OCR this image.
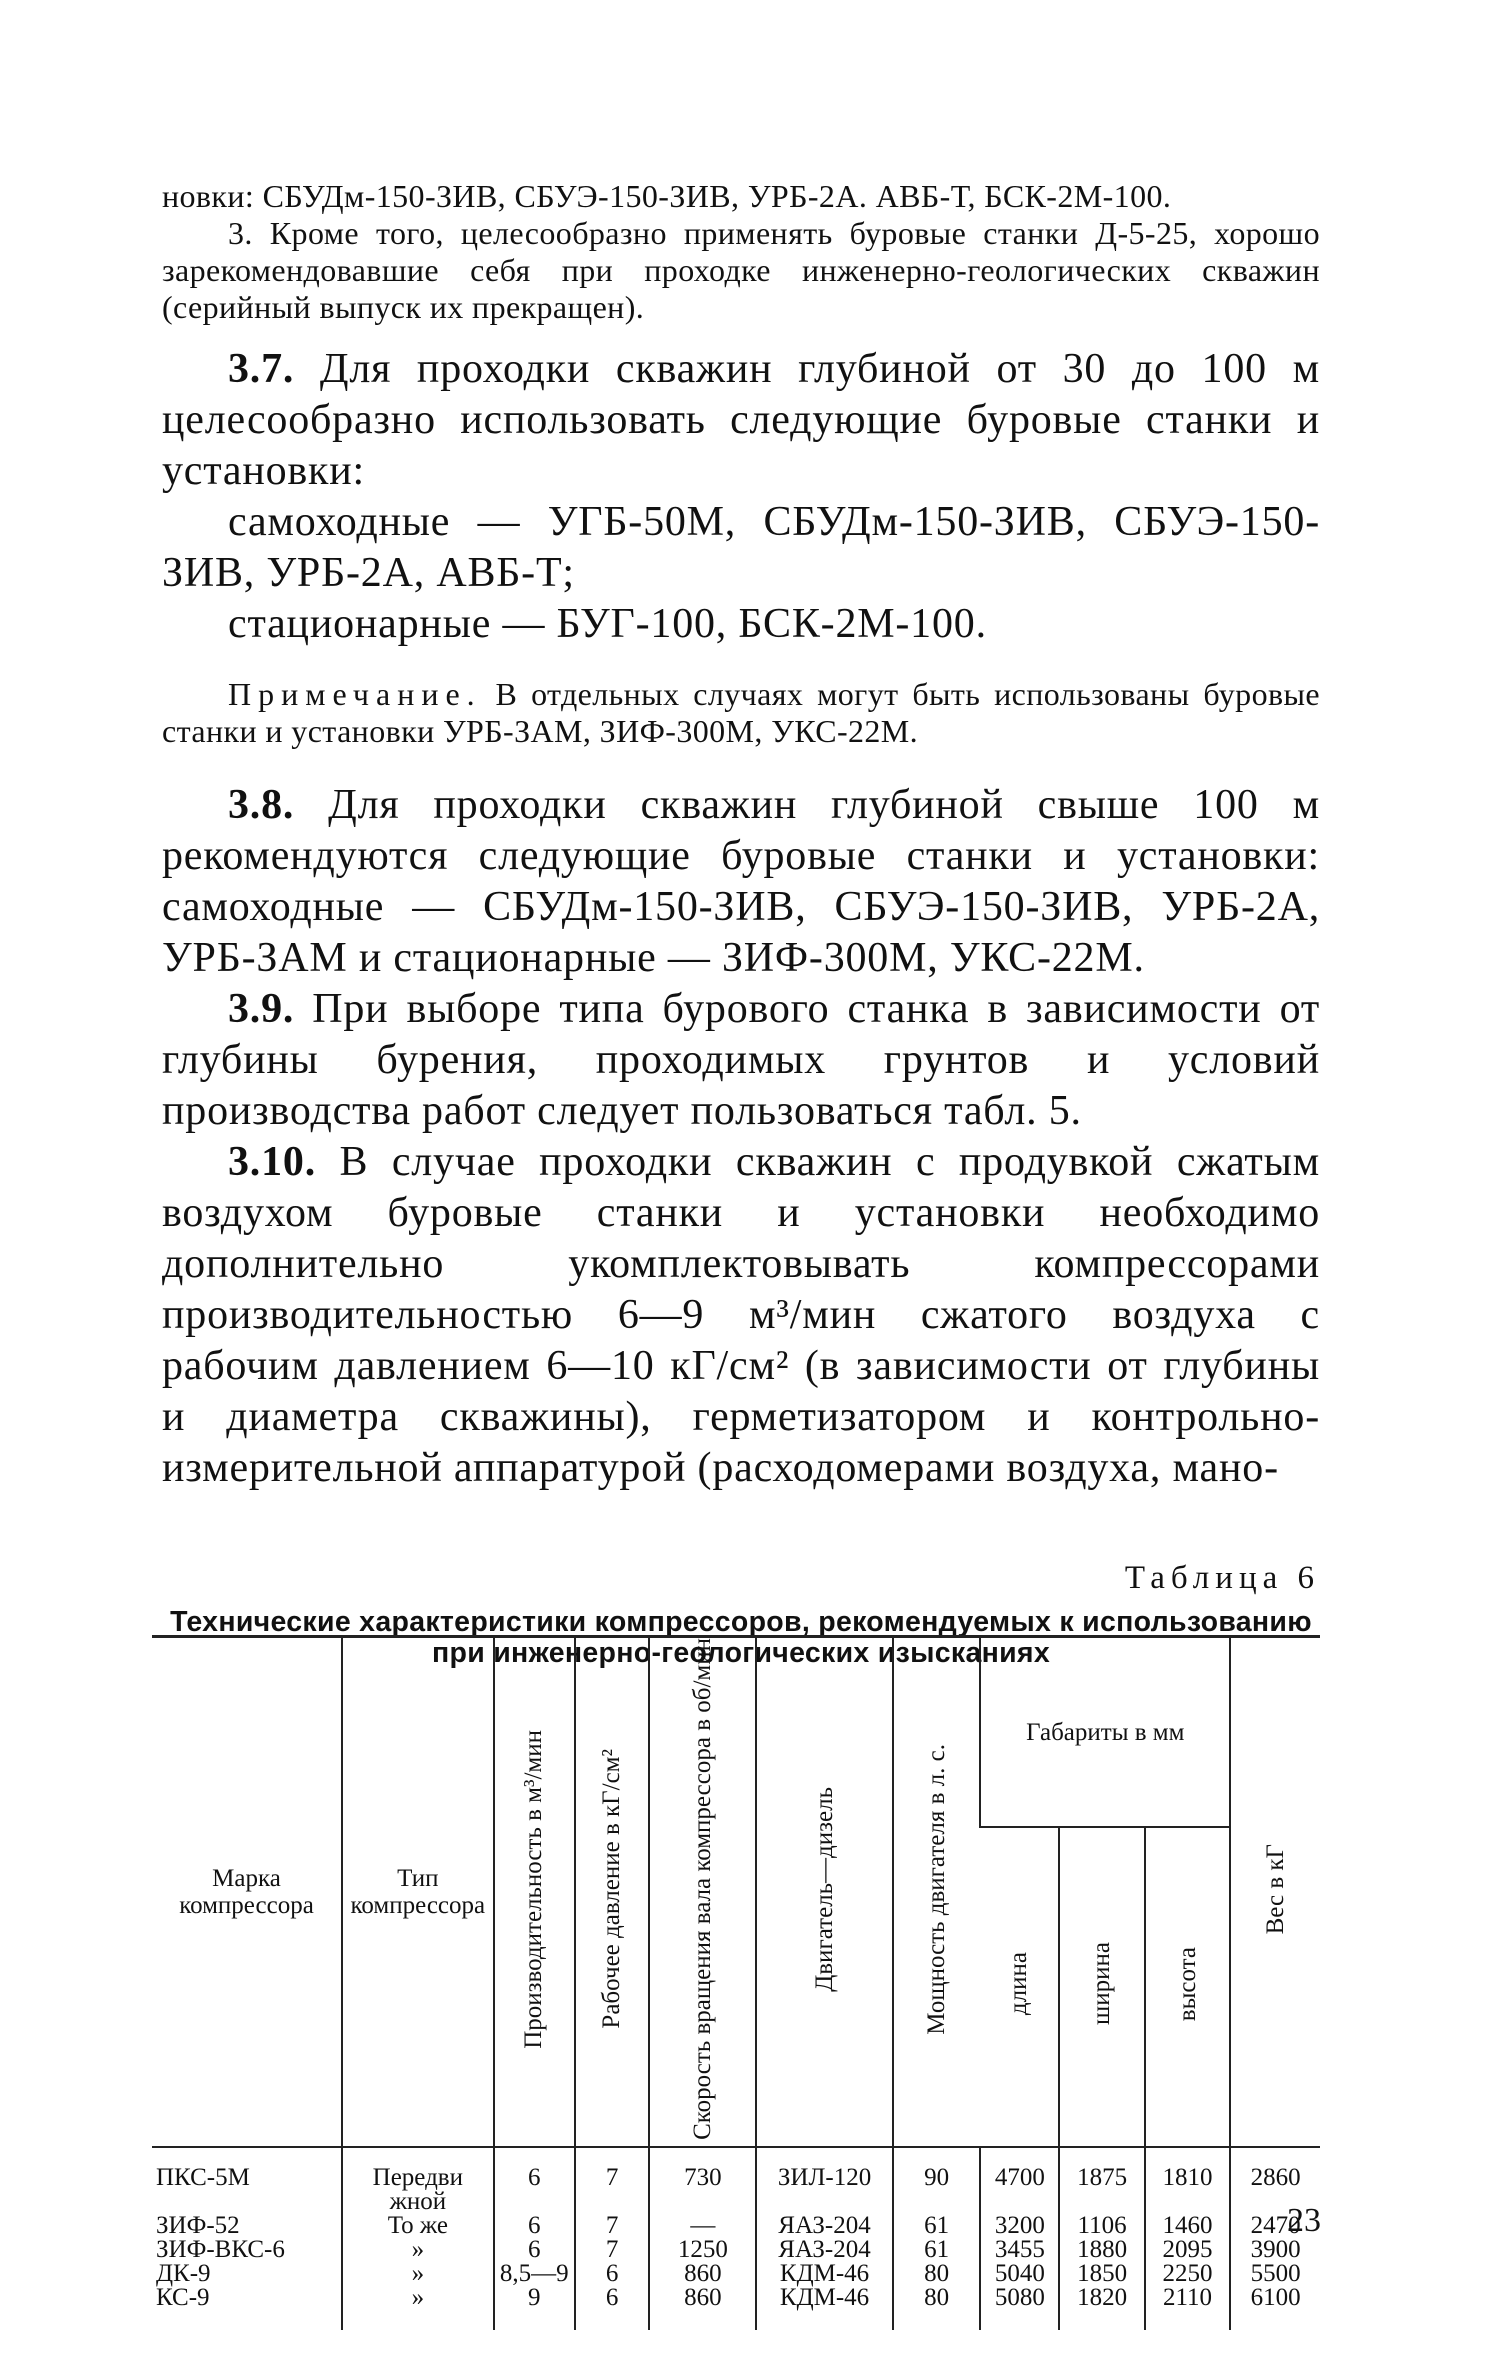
новки: СБУДм-150-ЗИВ, СБУЭ-150-ЗИВ, УРБ-2А. АВБ-Т, БСК-2М-100.

3. Кроме того, целесообразно применять буровые станки Д-5-25, хорошо зарекомендовавшие себя при проходке инженерно-геологических скважин (серийный выпуск их прекращен).

3.7. Для проходки скважин глубиной от 30 до 100 м целесообразно использовать следующие буровые станки и установки:

самоходные — УГБ-50М, СБУДм-150-ЗИВ, СБУЭ-150-ЗИВ, УРБ-2А, АВБ-Т;

стационарные — БУГ-100, БСК-2М-100.

Примечание. В отдельных случаях могут быть использованы буровые станки и установки УРБ-ЗАМ, ЗИФ-300М, УКС-22М.

3.8. Для проходки скважин глубиной свыше 100 м рекомендуются следующие буровые станки и установки: самоходные — СБУДм-150-ЗИВ, СБУЭ-150-ЗИВ, УРБ-2А, УРБ-ЗАМ и стационарные — ЗИФ-300М, УКС-22М.

3.9. При выборе типа бурового станка в зависимости от глубины бурения, проходимых грунтов и условий производства работ следует пользоваться табл. 5.

3.10. В случае проходки скважин с продувкой сжатым воздухом буровые станки и установки необходимо дополнительно укомплектовывать компрессорами производительностью 6—9 м³/мин сжатого воздуха с рабочим давлением 6—10 кГ/см² (в зависимости от глубины и диаметра скважины), герметизатором и контрольно-измерительной аппаратурой (расходомерами воздуха, мано-

Таблица 6
Технические характеристики компрессоров, рекомендуемых к использованию при инженерно-геологических изысканиях
Марка компрессора	Тип компрессора	Производительность в м³/мин	Рабочее давление в кГ/см²	Скорость вращения вала компрессора в об/мин	Двигатель—дизель	Мощность двигателя в л. с.	Габариты в мм			Вес в кГ
							длина	ширина	высота	
ПКС-5М	Передвижной	6	7	730	ЗИЛ-120	90	4700	1875	1810	2860
ЗИФ-52	То же	6	7	—	ЯАЗ-204	61	3200	1106	1460	2470
ЗИФ-ВКС-6	»	6	7	1250	ЯАЗ-204	61	3455	1880	2095	3900
ДК-9	»	8,5—9	6	860	КДМ-46	80	5040	1850	2250	5500
КС-9	»	9	6	860	КДМ-46	80	5080	1820	2110	6100
23
